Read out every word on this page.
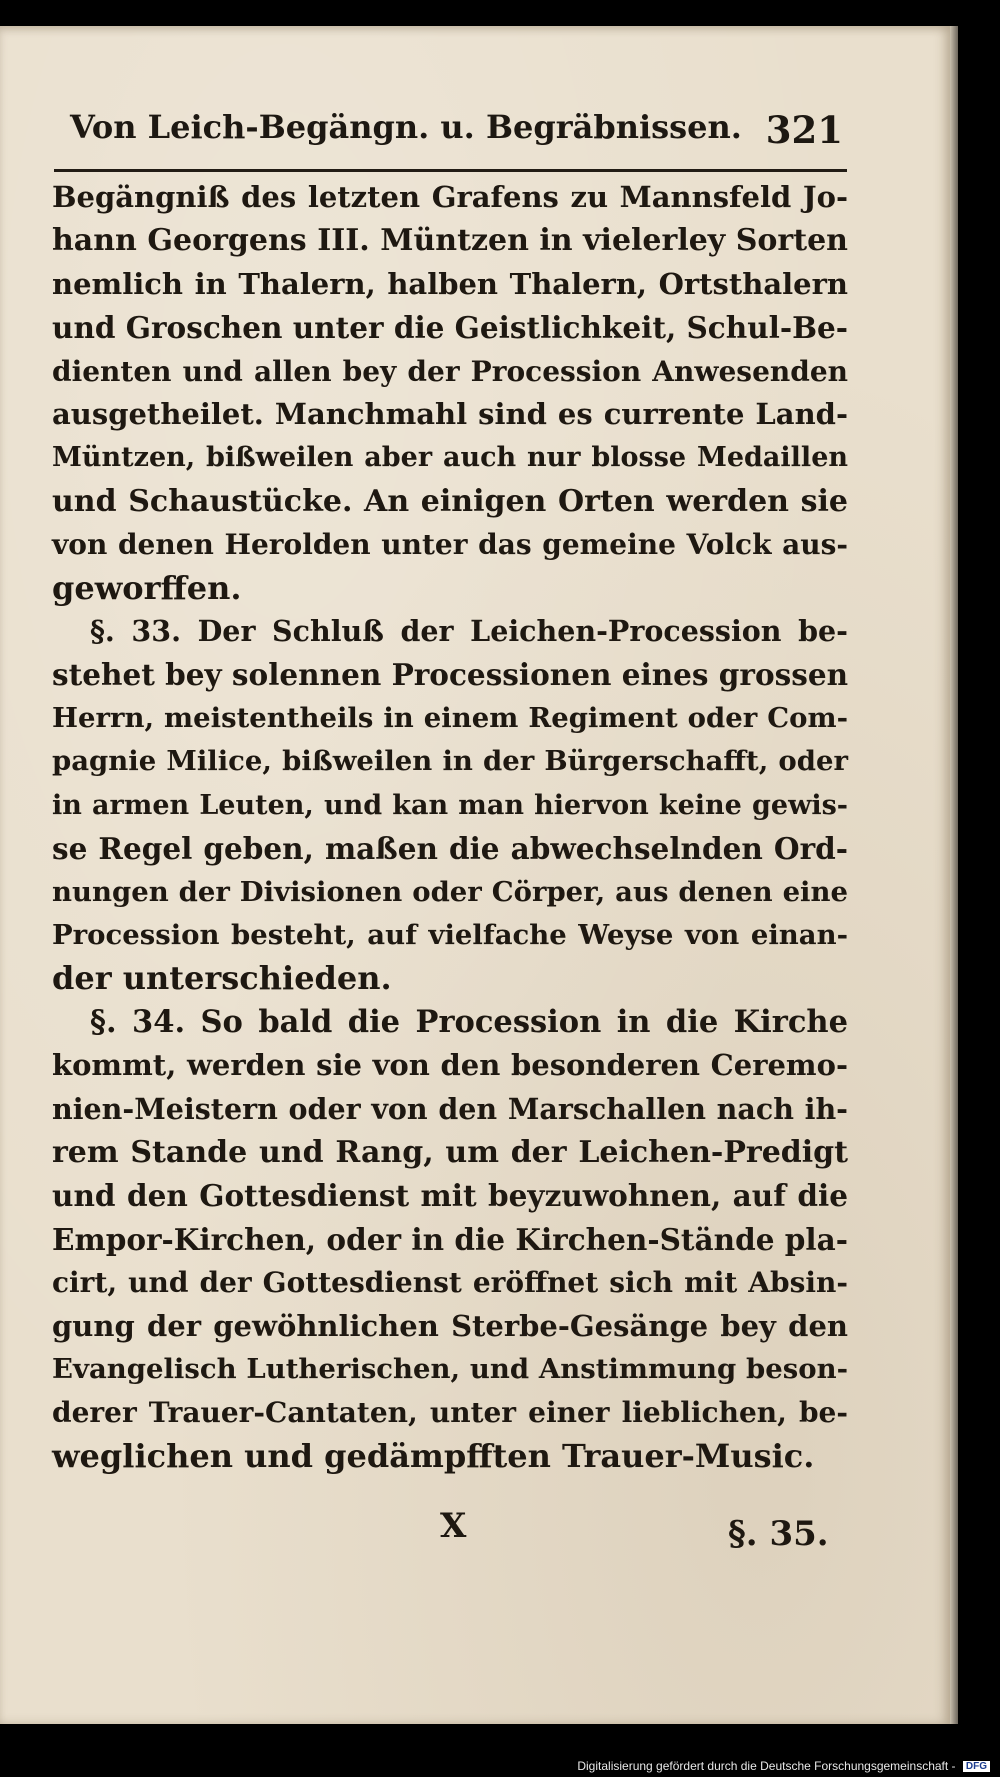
Von Leich-Begängn. u. Begräbnissen. 321
Begängniß des letzten Grafens zu Mannsfeld Jo-
hann Georgens III. Müntzen in vielerley Sorten
nemlich in Thalern, halben Thalern, Ortsthalern
und Groschen unter die Geistlichkeit, Schul-Be-
dienten und allen bey der Procession Anwesenden
ausgetheilet. Manchmahl sind es currente Land-
Müntzen, bißweilen aber auch nur blosse Medaillen
und Schaustücke. An einigen Orten werden sie
von denen Herolden unter das gemeine Volck aus-
geworffen.
§. 33. Der Schluß der Leichen-Procession be-
stehet bey solennen Processionen eines grossen
Herrn, meistentheils in einem Regiment oder Com-
pagnie Milice, bißweilen in der Bürgerschafft, oder
in armen Leuten, und kan man hiervon keine gewis-
se Regel geben, maßen die abwechselnden Ord-
nungen der Divisionen oder Cörper, aus denen eine
Procession besteht, auf vielfache Weyse von einan-
der unterschieden.
§. 34. So bald die Procession in die Kirche
kommt, werden sie von den besonderen Ceremo-
nien-Meistern oder von den Marschallen nach ih-
rem Stande und Rang, um der Leichen-Predigt
und den Gottesdienst mit beyzuwohnen, auf die
Empor-Kirchen, oder in die Kirchen-Stände pla-
cirt, und der Gottesdienst eröffnet sich mit Absin-
gung der gewöhnlichen Sterbe-Gesänge bey den
Evangelisch Lutherischen, und Anstimmung beson-
derer Trauer-Cantaten, unter einer lieblichen, be-
weglichen und gedämpfften Trauer-Music.
X	§. 35.
Digitalisierung gefördert durch die Deutsche Forschungsgemeinschaft - DFG
